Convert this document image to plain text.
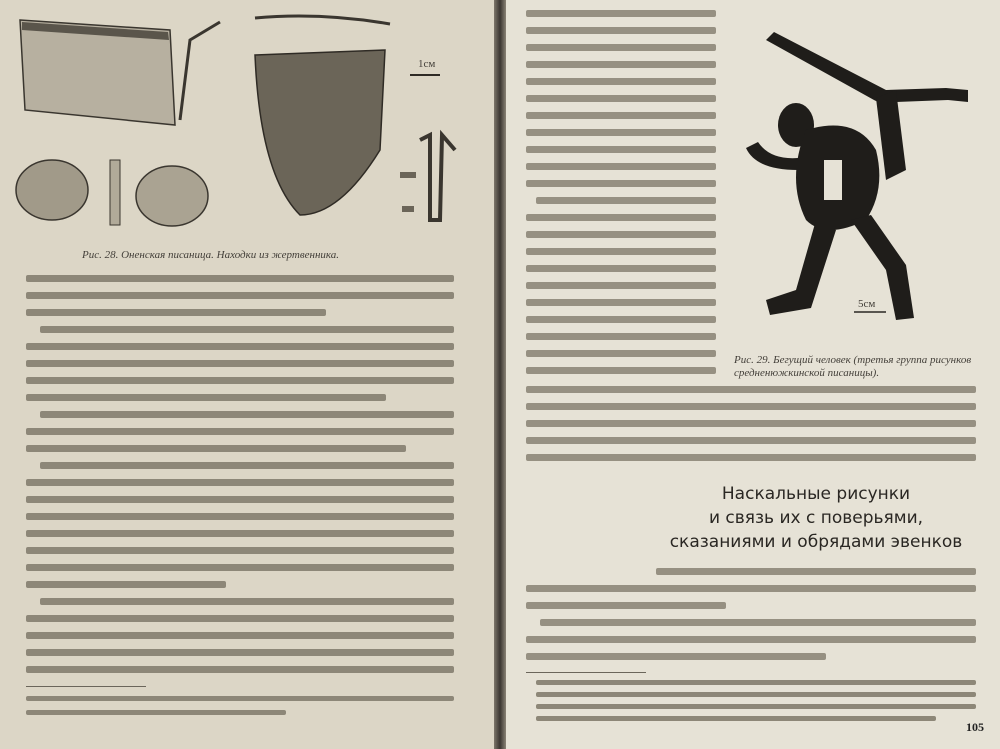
Рис. 28. Оненская писаница. Находки из жертвенника.
1см
5см
Рис. 29. Бегущий человек (третья группа рисунков средненюжкинской писаницы).
Наскальные рисунки
и связь их с поверьями,
сказаниями и обрядами эвенков
105
